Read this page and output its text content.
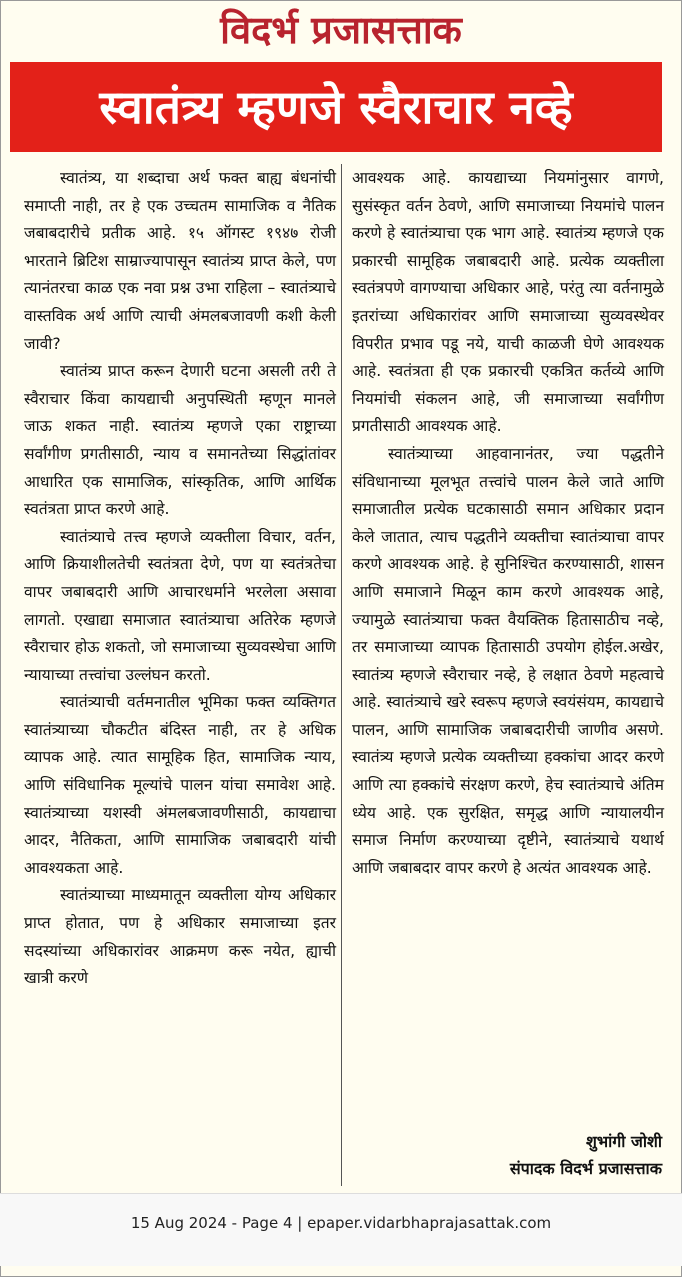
विदर्भ प्रजासत्ताक
स्वातंत्र्य म्हणजे स्वैराचार नव्हे

स्वातंत्र्य, या शब्दाचा अर्थ फक्त बाह्य बंधनांची समाप्ती नाही, तर हे एक उच्चतम सामाजिक व नैतिक जबाबदारीचे प्रतीक आहे. १५ ऑगस्ट १९४७ रोजी भारताने ब्रिटिश साम्राज्यापासून स्वातंत्र्य प्राप्त केले, पण त्यानंतरचा काळ एक नवा प्रश्न उभा राहिला – स्वातंत्र्याचे वास्तविक अर्थ आणि त्याची अंमलबजावणी कशी केली जावी?

स्वातंत्र्य प्राप्त करून देणारी घटना असली तरी ते स्वैराचार किंवा कायद्याची अनुपस्थिती म्हणून मानले जाऊ शकत नाही. स्वातंत्र्य म्हणजे एका राष्ट्राच्या सर्वांगीण प्रगतीसाठी, न्याय व समानतेच्या सिद्धांतांवर आधारित एक सामाजिक, सांस्कृतिक, आणि आर्थिक स्वतंत्रता प्राप्त करणे आहे.

स्वातंत्र्याचे तत्त्व म्हणजे व्यक्तीला विचार, वर्तन, आणि क्रियाशीलतेची स्वतंत्रता देणे, पण या स्वतंत्रतेचा वापर जबाबदारी आणि आचारधर्माने भरलेला असावा लागतो. एखाद्या समाजात स्वातंत्र्याचा अतिरेक म्हणजे स्वैराचार होऊ शकतो, जो समाजाच्या सुव्यवस्थेचा आणि न्यायाच्या तत्त्वांचा उल्लंघन करतो.

स्वातंत्र्याची वर्तमनातील भूमिका फक्त व्यक्तिगत स्वातंत्र्याच्या चौकटीत बंदिस्त नाही, तर हे अधिक व्यापक आहे. त्यात सामूहिक हित, सामाजिक न्याय, आणि संविधानिक मूल्यांचे पालन यांचा समावेश आहे. स्वातंत्र्याच्या यशस्वी अंमलबजावणीसाठी, कायद्याचा आदर, नैतिकता, आणि सामाजिक जबाबदारी यांची आवश्यकता आहे.

स्वातंत्र्याच्या माध्यमातून व्यक्तीला योग्य अधिकार प्राप्त होतात, पण हे अधिकार समाजाच्या इतर सदस्यांच्या अधिकारांवर आक्रमण करू नयेत, ह्याची खात्री करणे

आवश्यक आहे. कायद्याच्या नियमांनुसार वागणे, सुसंस्कृत वर्तन ठेवणे, आणि समाजाच्या नियमांचे पालन करणे हे स्वातंत्र्याचा एक भाग आहे. स्वातंत्र्य म्हणजे एक प्रकारची सामूहिक जबाबदारी आहे. प्रत्येक व्यक्तीला स्वतंत्रपणे वागण्याचा अधिकार आहे, परंतु त्या वर्तनामुळे इतरांच्या अधिकारांवर आणि समाजाच्या सुव्यवस्थेवर विपरीत प्रभाव पडू नये, याची काळजी घेणे आवश्यक आहे. स्वतंत्रता ही एक प्रकारची एकत्रित कर्तव्ये आणि नियमांची संकलन आहे, जी समाजाच्या सर्वांगीण प्रगतीसाठी आवश्यक आहे.

स्वातंत्र्याच्या आहवानानंतर, ज्या पद्धतीने संविधानाच्या मूलभूत तत्त्वांचे पालन केले जाते आणि समाजातील प्रत्येक घटकासाठी समान अधिकार प्रदान केले जातात, त्याच पद्धतीने व्यक्तीचा स्वातंत्र्याचा वापर करणे आवश्यक आहे. हे सुनिश्चित करण्यासाठी, शासन आणि समाजाने मिळून काम करणे आवश्यक आहे, ज्यामुळे स्वातंत्र्याचा फक्त वैयक्तिक हितासाठीच नव्हे, तर समाजाच्या व्यापक हितासाठी उपयोग होईल.अखेर, स्वातंत्र्य म्हणजे स्वैराचार नव्हे, हे लक्षात ठेवणे महत्वाचे आहे. स्वातंत्र्याचे खरे स्वरूप म्हणजे स्वयंसंयम, कायद्याचे पालन, आणि सामाजिक जबाबदारीची जाणीव असणे. स्वातंत्र्य म्हणजे प्रत्येक व्यक्तीच्या हक्कांचा आदर करणे आणि त्या हक्कांचे संरक्षण करणे, हेच स्वातंत्र्याचे अंतिम ध्येय आहे. एक सुरक्षित, समृद्ध आणि न्यायालयीन समाज निर्माण करण्याच्या दृष्टीने, स्वातंत्र्याचे यथार्थ आणि जबाबदार वापर करणे हे अत्यंत आवश्यक आहे.

शुभांगी जोशी
संपादक विदर्भ प्रजासत्ताक
15 Aug 2024 - Page 4 | epaper.vidarbhaprajasattak.com
